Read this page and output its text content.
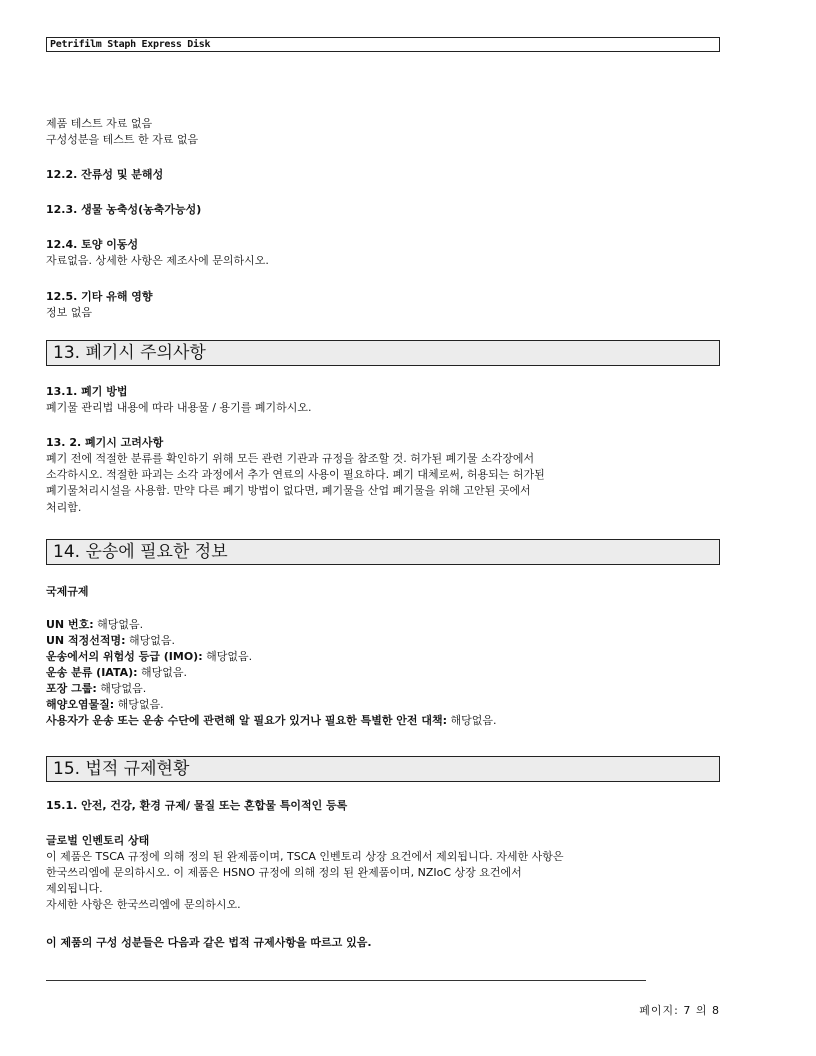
Petrifilm Staph Express Disk
제품 테스트 자료 없음
구성성분을 테스트 한 자료 없음
12.2. 잔류성 및 분해성
12.3. 생물 농축성(농축가능성)
12.4. 토양 이동성
자료없음. 상세한 사항은 제조사에 문의하시오.
12.5. 기타 유해 영향
정보 없음
13. 폐기시 주의사항
13.1. 폐기 방법
폐기물 관리법 내용에 따라 내용물 / 용기를 폐기하시오.
13. 2. 폐기시 고려사항
폐기 전에 적절한 분류를 확인하기 위해 모든 관련 기관과 규정을 참조할 것. 허가된 폐기물 소각장에서
소각하시오. 적절한 파괴는 소각 과정에서 추가 연료의 사용이 필요하다. 폐기 대체로써, 허용되는 허가된
폐기물처리시설을 사용함. 만약 다른 폐기 방법이 없다면, 폐기물을 산업 폐기물을 위해 고안된 곳에서
처리함.
14. 운송에 필요한 정보
국제규제
UN 번호: 해당없음.
UN 적정선적명: 해당없음.
운송에서의 위험성 등급 (IMO): 해당없음.
운송 분류 (IATA): 해당없음.
포장 그룹: 해당없음.
해양오염물질: 해당없음.
사용자가 운송 또는 운송 수단에 관련해 알 필요가 있거나 필요한 특별한 안전 대책: 해당없음.
15. 법적 규제현황
15.1. 안전, 건강, 환경 규제/ 물질 또는 혼합물 특이적인 등록
글로벌 인벤토리 상태
이 제품은 TSCA 규정에 의해 정의 된 완제품이며, TSCA 인벤토리 상장 요건에서 제외됩니다. 자세한 사항은
한국쓰리엠에 문의하시오. 이 제품은 HSNO 규정에 의해 정의 된 완제품이며, NZIoC 상장 요건에서
제외됩니다.
자세한 사항은 한국쓰리엠에 문의하시오.
이 제품의 구성 성분들은 다음과 같은 법적 규제사항을 따르고 있음.
페이지: 7 의 8
